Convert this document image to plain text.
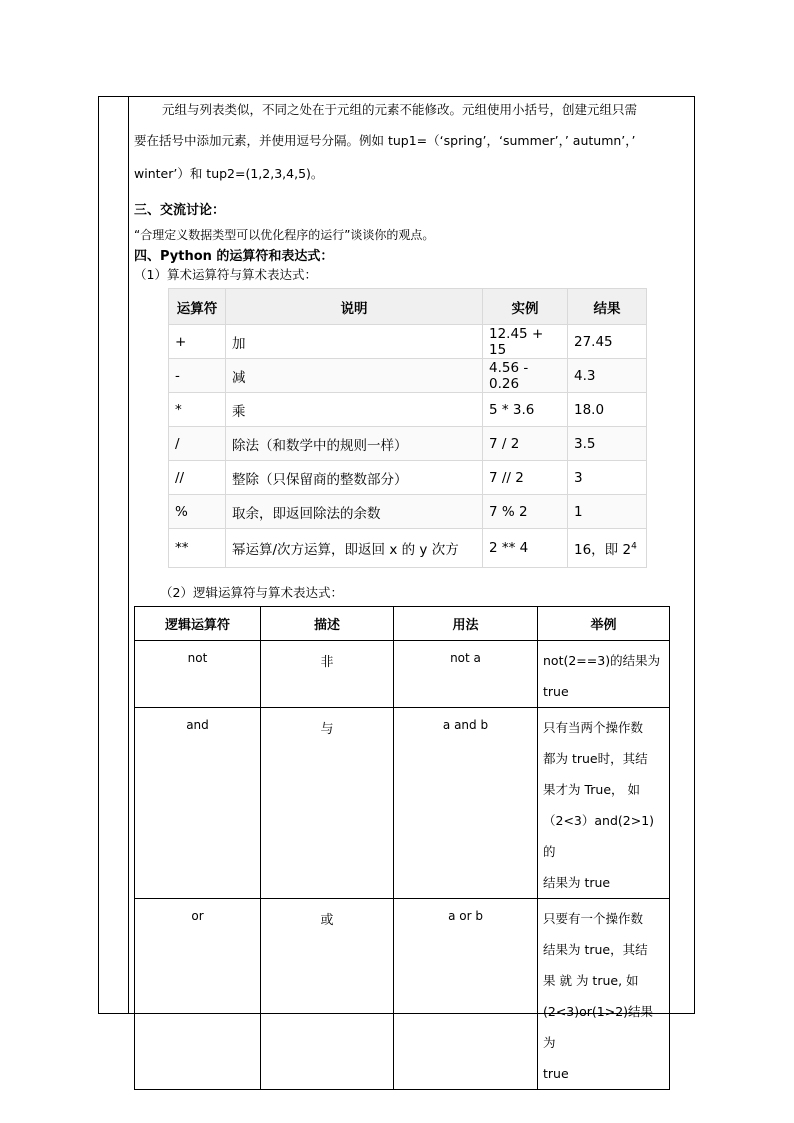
元组与列表类似，不同之处在于元组的元素不能修改。元组使用小括号，创建元组只需
要在括号中添加元素，并使用逗号分隔。例如 tup1=（‘spring’，‘summer’，’ autumn’，’
winter’）和 tup2=(1,2,3,4,5)。
三、交流讨论：
“合理定义数据类型可以优化程序的运行”谈谈你的观点。
四、Python 的运算符和表达式：
（1）算术运算符与算术表达式：
运算符	说明	实例	结果
+	加	12.45 + 15	27.45
-	减	4.56 - 0.26	4.3
*	乘	5 * 3.6	18.0
/	除法（和数学中的规则一样）	7 / 2	3.5
//	整除（只保留商的整数部分）	7 // 2	3
%	取余，即返回除法的余数	7 % 2	1
**	幂运算/次方运算，即返回 x 的 y 次方	2 ** 4	16，即 $2^4$
（2）逻辑运算符与算术表达式：
逻辑运算符	描述	用法	举例
not	非	not a	not(2==3)的结果为
true

and	与	a and b	只有当两个操作数
都为 true时，其结
果才为 True， 如
（2<3）and(2>1)的
结果为 true

or	或	a or b	只要有一个操作数
结果为 true，其结
果 就 为 true, 如
(2<3)or(1>2)结果为
true
